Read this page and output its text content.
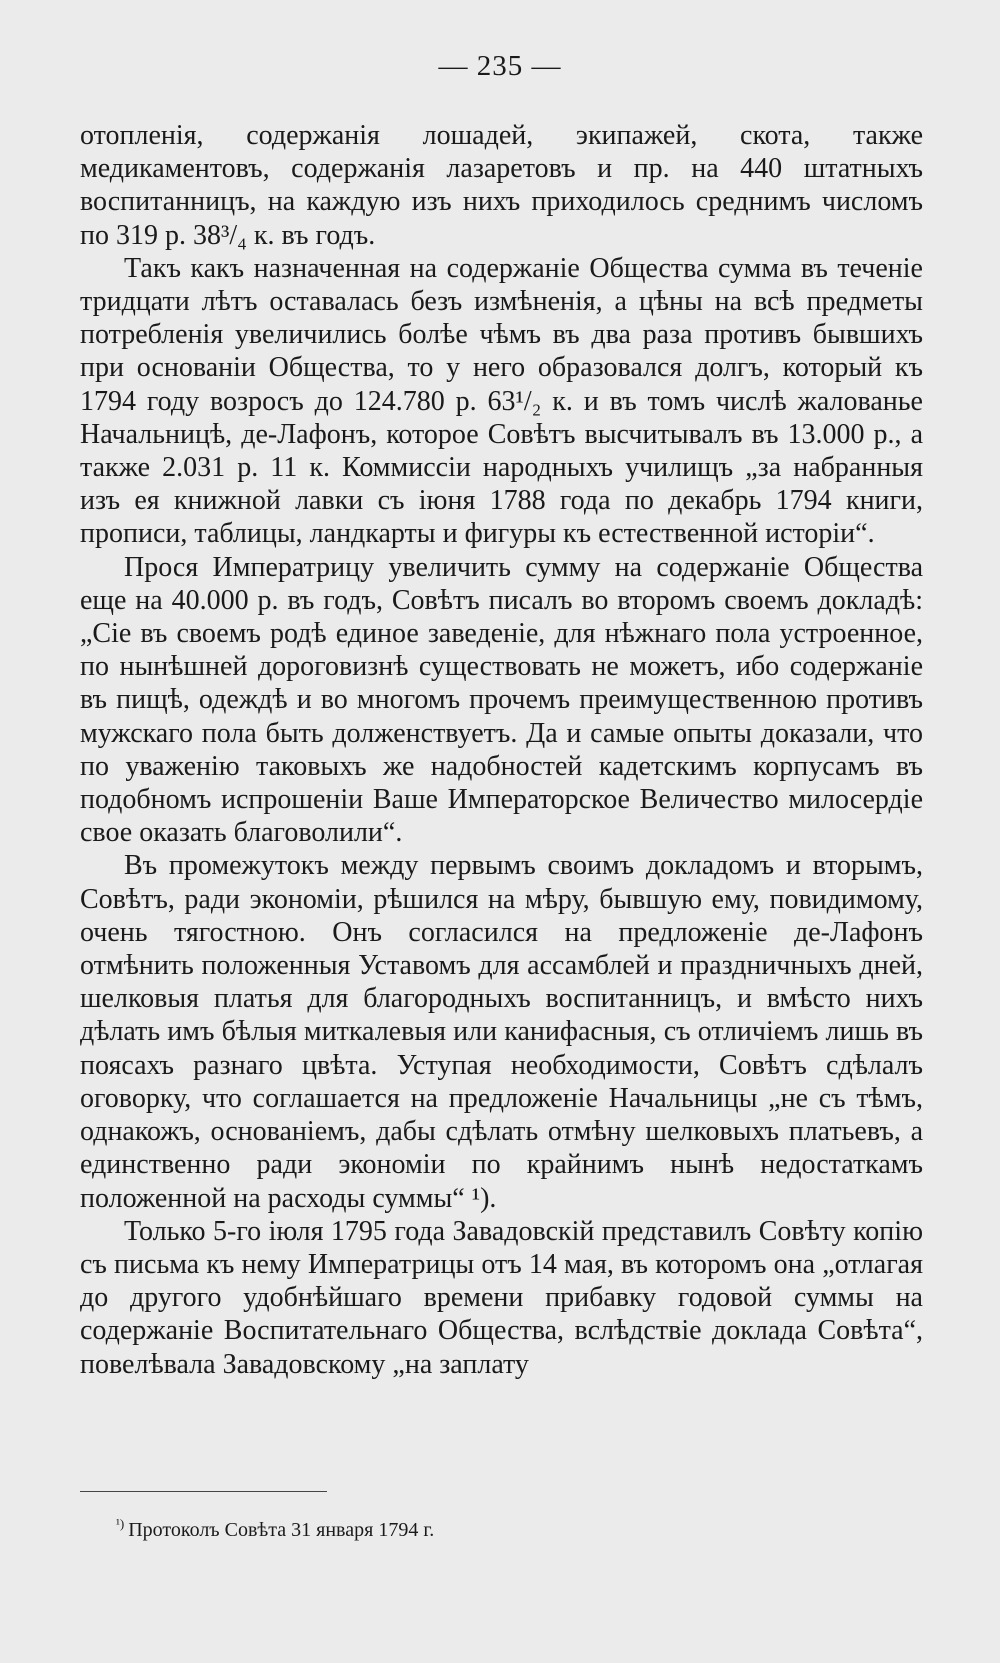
— 235 —

отопленія, содержанія лошадей, экипажей, скота, также медикаментовъ, содержанія лазаретовъ и пр. на 440 штатныхъ воспитанницъ, на каждую изъ нихъ приходилось среднимъ числомъ по 319 р. 38³/₄ к. въ годъ.

Такъ какъ назначенная на содержаніе Общества сумма въ теченіе тридцати лѣтъ оставалась безъ измѣненія, а цѣны на всѣ предметы потребленія увеличились болѣе чѣмъ въ два раза противъ бывшихъ при основаніи Общества, то у него образовался долгъ, который къ 1794 году возросъ до 124.780 р. 63¹/₂ к. и въ томъ числѣ жалованье Начальницѣ, де-Лафонъ, которое Совѣтъ высчитывалъ въ 13.000 р., а также 2.031 р. 11 к. Коммиссіи народныхъ училищъ „за набранныя изъ ея книжной лавки съ іюня 1788 года по декабрь 1794 книги, прописи, таблицы, ландкарты и фигуры къ естественной исторіи“.

Прося Императрицу увеличить сумму на содержаніе Общества еще на 40.000 р. въ годъ, Совѣтъ писалъ во второмъ своемъ докладѣ: „Сіе въ своемъ родѣ единое заведеніе, для нѣжнаго пола устроенное, по нынѣшней дороговизнѣ существовать не можетъ, ибо содержаніе въ пищѣ, одеждѣ и во многомъ прочемъ преимущественною противъ мужскаго пола быть долженствуетъ. Да и самые опыты доказали, что по уваженію таковыхъ же надобностей кадетскимъ корпусамъ въ подобномъ испрошеніи Ваше Императорское Величество милосердіе свое оказать благоволили“.

Въ промежутокъ между первымъ своимъ докладомъ и вторымъ, Совѣтъ, ради экономіи, рѣшился на мѣру, бывшую ему, повидимому, очень тягостною. Онъ согласился на предложеніе де-Лафонъ отмѣнить положенныя Уставомъ для ассамблей и праздничныхъ дней, шелковыя платья для благородныхъ воспитанницъ, и вмѣсто нихъ дѣлать имъ бѣлыя миткалевыя или канифасныя, съ отличіемъ лишь въ поясахъ разнаго цвѣта. Уступая необходимости, Совѣтъ сдѣлалъ оговорку, что соглашается на предложеніе Начальницы „не съ тѣмъ, однакожъ, основаніемъ, дабы сдѣлать отмѣну шелковыхъ платьевъ, а единственно ради экономіи по крайнимъ нынѣ недостаткамъ положенной на расходы суммы“ ¹).

Только 5-го іюля 1795 года Завадовскій представилъ Совѣту копію съ письма къ нему Императрицы отъ 14 мая, въ которомъ она „отлагая до другого удобнѣйшаго времени прибавку годовой суммы на содержаніе Воспитательнаго Общества, вслѣдствіе доклада Совѣта“, повелѣвала Завадовскому „на заплату

$^{^1)}$ Протоколъ Совѣта 31 января 1794 г.
